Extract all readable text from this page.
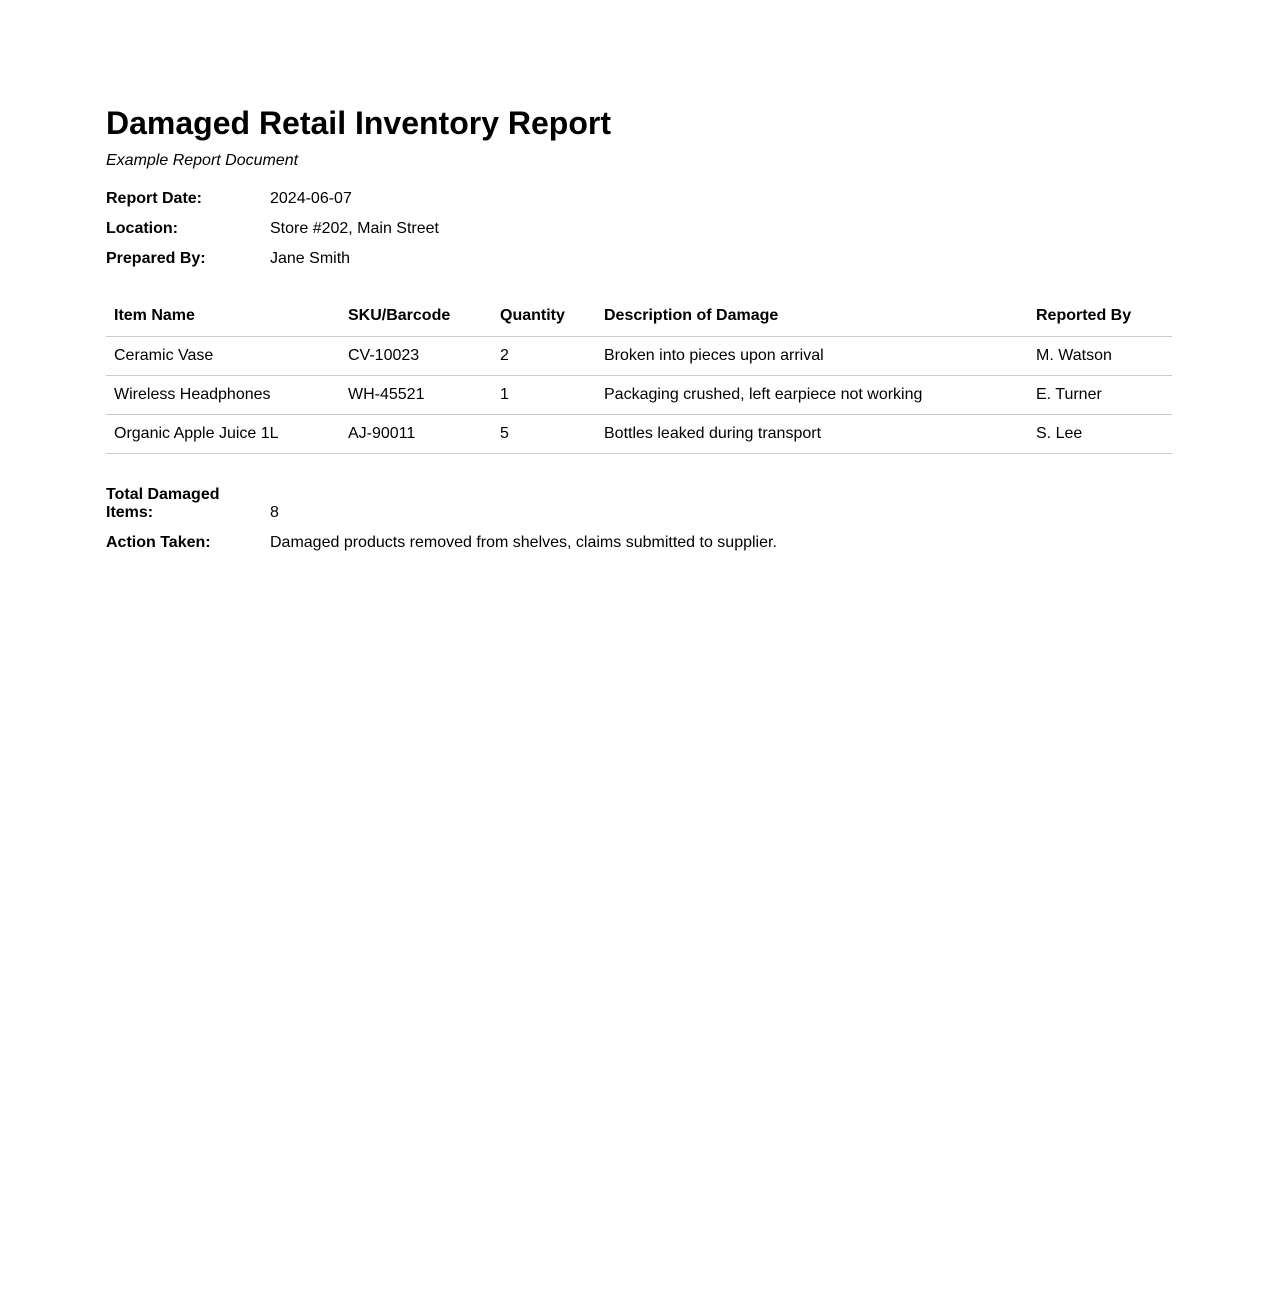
Damaged Retail Inventory Report
Example Report Document
Report Date:	2024-06-07
Location:	Store #202, Main Street
Prepared By:	Jane Smith
Item Name	SKU/Barcode	Quantity	Description of Damage	Reported By
Ceramic Vase	CV-10023	2	Broken into pieces upon arrival	M. Watson
Wireless Headphones	WH-45521	1	Packaging crushed, left earpiece not working	E. Turner
Organic Apple Juice 1L	AJ-90011	5	Bottles leaked during transport	S. Lee
Total Damaged Items:	8
Action Taken:	Damaged products removed from shelves, claims submitted to supplier.
